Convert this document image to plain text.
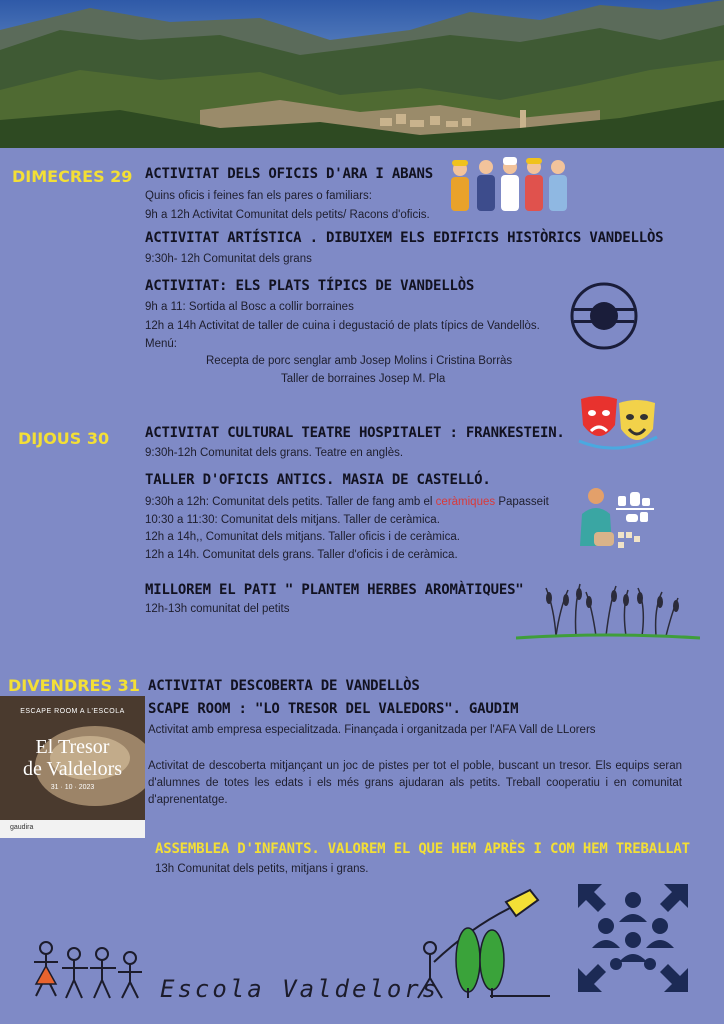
DIMECRES 29 ACTIVITAT DELS OFICIS D'ARA I ABANS
Quins oficis i feines fan els pares o familiars:
9h a 12h Activitat Comunitat dels petits/ Racons d'oficis.
ACTIVITAT ARTÍSTICA . DIBUIXEM ELS EDIFICIS HISTÒRICS VANDELLÒS
9:30h- 12h Comunitat dels grans
ACTIVITAT: ELS PLATS TÍPICS DE VANDELLÒS
9h a 11: Sortida al Bosc a collir borraines
12h a 14h Activitat de taller de cuina i degustació de plats típics de Vandellòs.
Menú:
Recepta de porc senglar amb Josep Molins i Cristina Borràs
Taller de borraines Josep M. Pla
DIJOUS 30	ACTIVITAT CULTURAL TEATRE HOSPITALET : FRANKESTEIN.
9:30h-12h Comunitat dels grans. Teatre en anglès.
TALLER D'OFICIS ANTICS. MASIA DE CASTELLÓ.
9:30h a 12h: Comunitat dels petits. Taller de fang amb el ceràmiques Papasseit
10:30 a 11:30: Comunitat dels mitjans. Taller de ceràmica.
12h a 14h,, Comunitat dels mitjans. Taller oficis i de ceràmica.
12h a 14h. Comunitat dels grans. Taller d'oficis i de ceràmica.
MILLOREM EL PATI " PLANTEM HERBES AROMÀTIQUES"
12h-13h comunitat del petits
DIVENDRES 31 ACTIVITAT DESCOBERTA DE VANDELLÒS
SCAPE ROOM : "LO TRESOR DEL VALEDORS". GAUDIM
Activitat amb empresa especialitzada. Finançada i organitzada per l'AFA Vall de LLorers
Activitat de descoberta mitjançant un joc de pistes per tot el poble, buscant un tresor. Els equips seran d'alumnes de totes les edats i els més grans ajudaran als petits. Treball cooperatiu i en comunitat d'aprenentatge.
ESCAPE ROOM A L'ESCOLA
El Tresor
de Valdelors
31 · 10 · 2023
gaudira
ASSEMBLEA D'INFANTS. VALOREM EL QUE HEM APRÈS I COM HEM TREBALLAT
13h Comunitat dels petits, mitjans i grans.
Escola Valdelors
